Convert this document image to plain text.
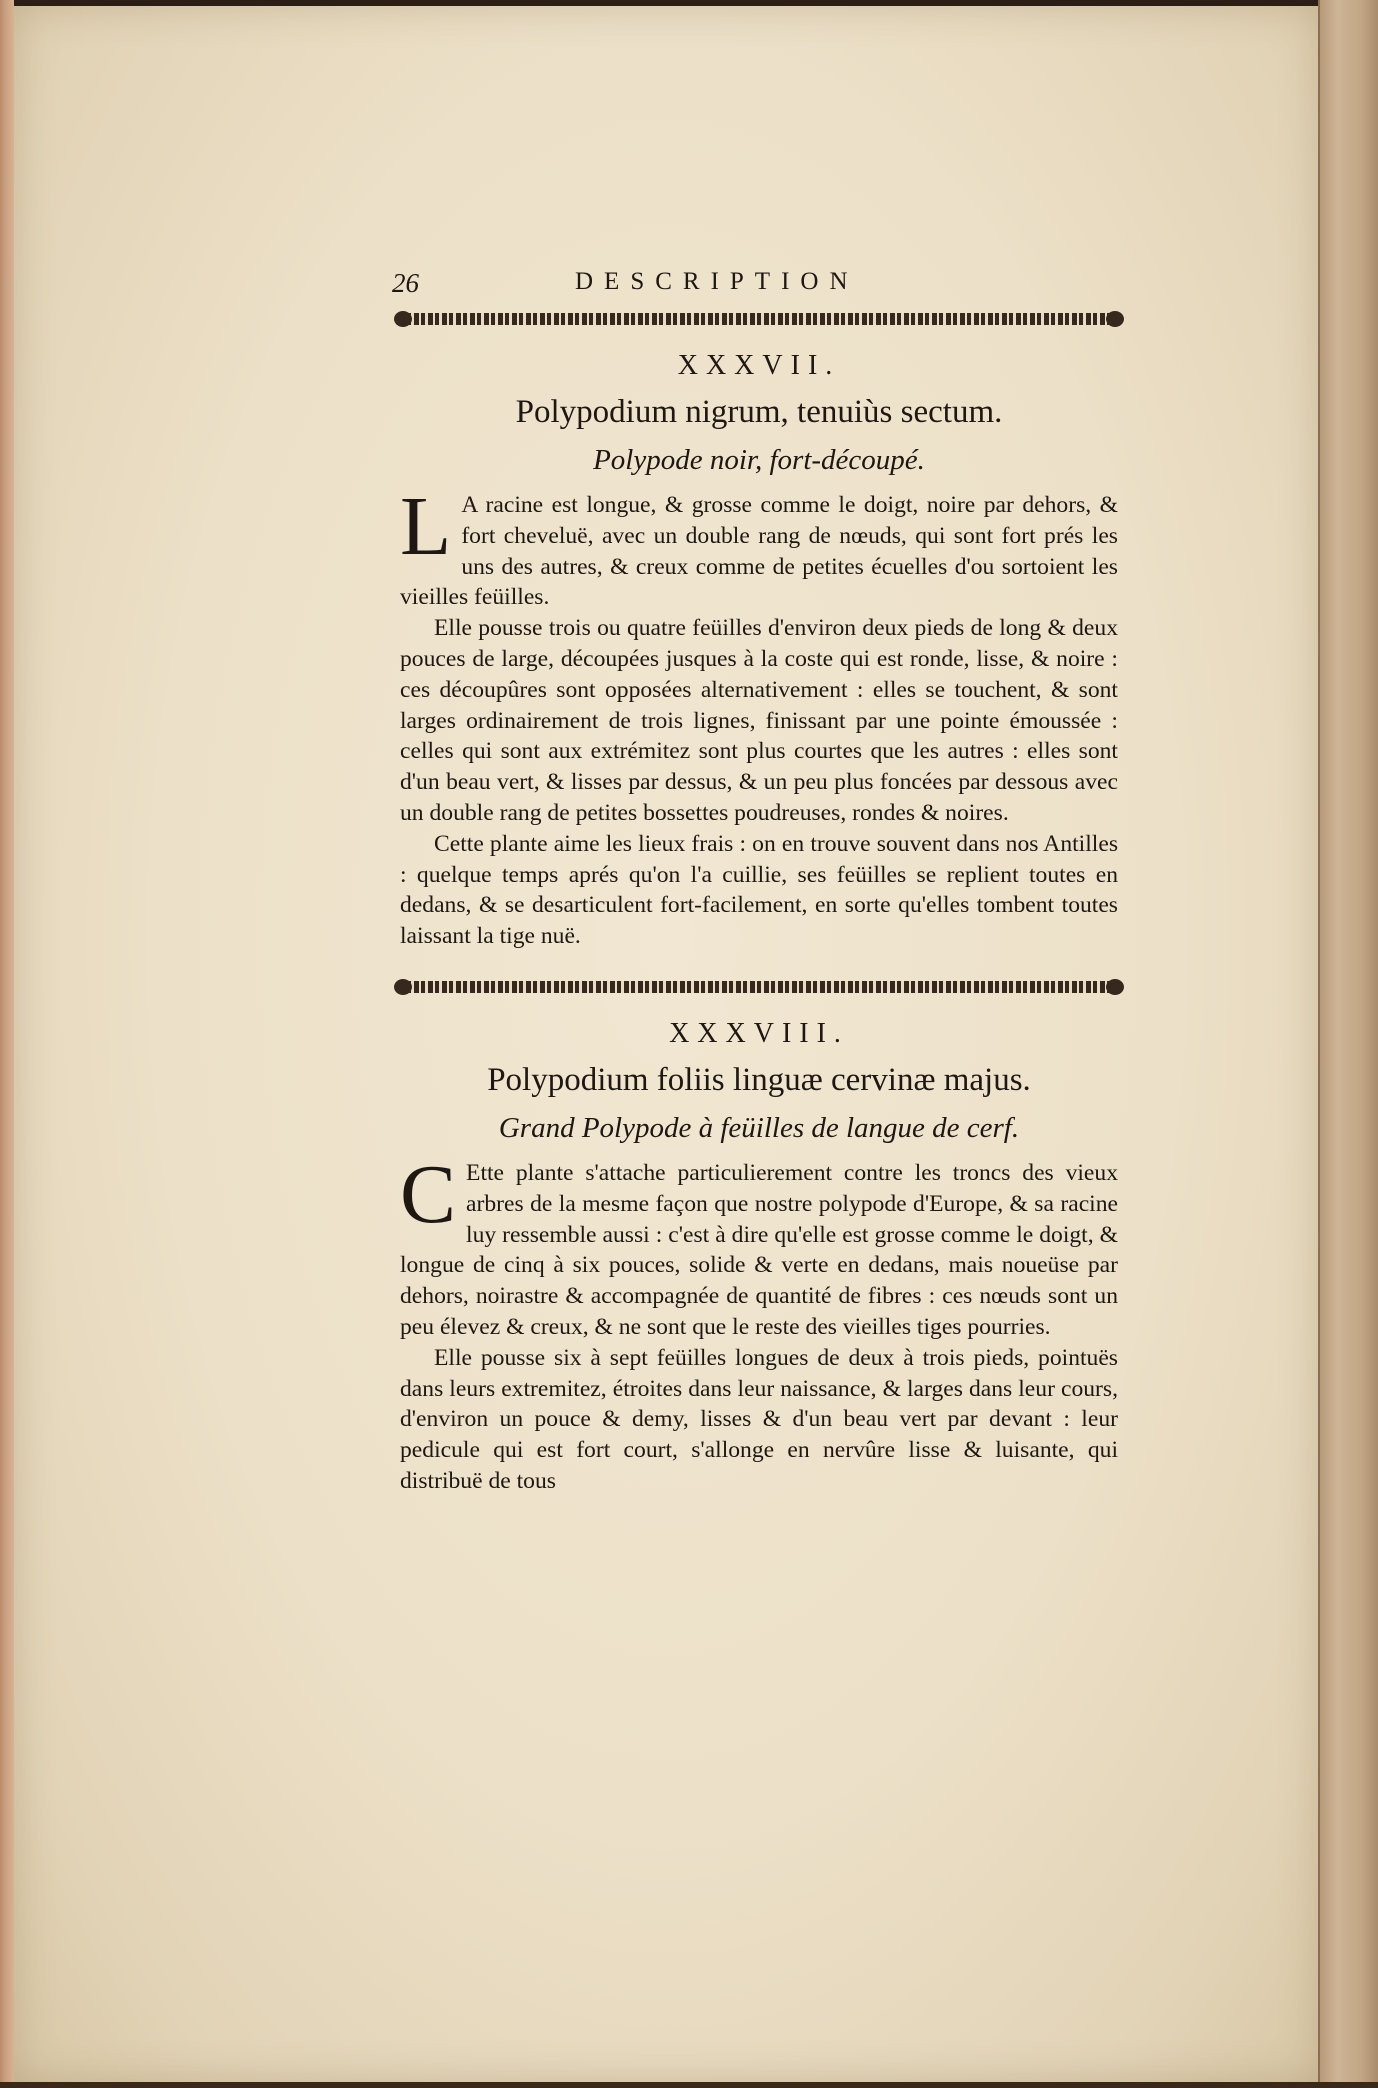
26	DESCRIPTION
XXXVII.
Polypodium nigrum, tenuiùs sectum.
Polypode noir, fort-découpé.

L A racine est longue, & grosse comme le doigt, noire par dehors, & fort cheveluë, avec un double rang de nœuds, qui sont fort prés les uns des autres, & creux comme de petites écuelles d'ou sortoient les vieilles feüilles.

Elle pousse trois ou quatre feüilles d'environ deux pieds de long & deux pouces de large, découpées jusques à la coste qui est ronde, lisse, & noire : ces découpûres sont opposées alternativement : elles se touchent, & sont larges ordinairement de trois lignes, finissant par une pointe émoussée : celles qui sont aux extrémitez sont plus courtes que les autres : elles sont d'un beau vert, & lisses par dessus, & un peu plus foncées par dessous avec un double rang de petites bossettes poudreuses, rondes & noires.

Cette plante aime les lieux frais : on en trouve souvent dans nos Antilles : quelque temps aprés qu'on l'a cuillie, ses feüilles se replient toutes en dedans, & se desarticulent fort-facilement, en sorte qu'elles tombent toutes laissant la tige nuë.

XXXVIII.
Polypodium foliis linguæ cervinæ majus.
Grand Polypode à feüilles de langue de cerf.

C Ette plante s'attache particulierement contre les troncs des vieux arbres de la mesme façon que nostre polypode d'Europe, & sa racine luy ressemble aussi : c'est à dire qu'elle est grosse comme le doigt, & longue de cinq à six pouces, solide & verte en dedans, mais noueüse par dehors, noirastre & accompagnée de quantité de fibres : ces nœuds sont un peu élevez & creux, & ne sont que le reste des vieilles tiges pourries.

Elle pousse six à sept feüilles longues de deux à trois pieds, pointuës dans leurs extremitez, étroites dans leur naissance, & larges dans leur cours, d'environ un pouce & demy, lisses & d'un beau vert par devant : leur pedicule qui est fort court, s'allonge en nervûre lisse & luisante, qui distribuë de tous
